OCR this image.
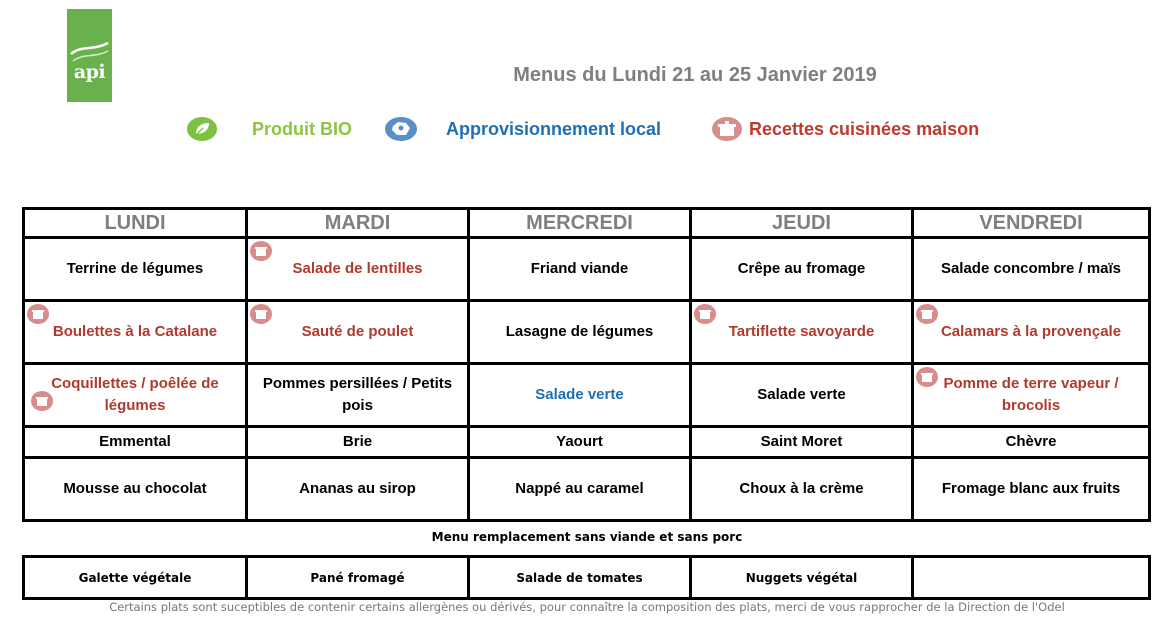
api	Menus du Lundi 21 au 25 Janvier 2019
Produit BIO	Approvisionnement local	Recettes cuisinées maison
LUNDI	MARDI	MERCREDI	JEUDI	VENDREDI
Terrine de légumes	Salade de lentilles	Friand viande	Crêpe au fromage	Salade concombre / maïs

Boulettes à la Catalane	Sauté de poulet	Lasagne de légumes	Tartiflette savoyarde	Calamars à la provençale

Coquillettes / poêlée de légumes	Pommes persillées / Petits pois	Salade verte	Salade verte	Pomme de terre vapeur / brocolis
Emmental	Brie	Yaourt	Saint Moret	Chèvre
Mousse au chocolat	Ananas au sirop	Nappé au caramel	Choux à la crème	Fromage blanc aux fruits
Menu remplacement sans viande et sans porc
Galette végétale	Pané fromagé	Salade de tomates	Nuggets végétal	
Certains plats sont suceptibles de contenir certains allergènes ou dérivés, pour connaître la composition des plats, merci de vous rapprocher de la Direction de l'Odel
